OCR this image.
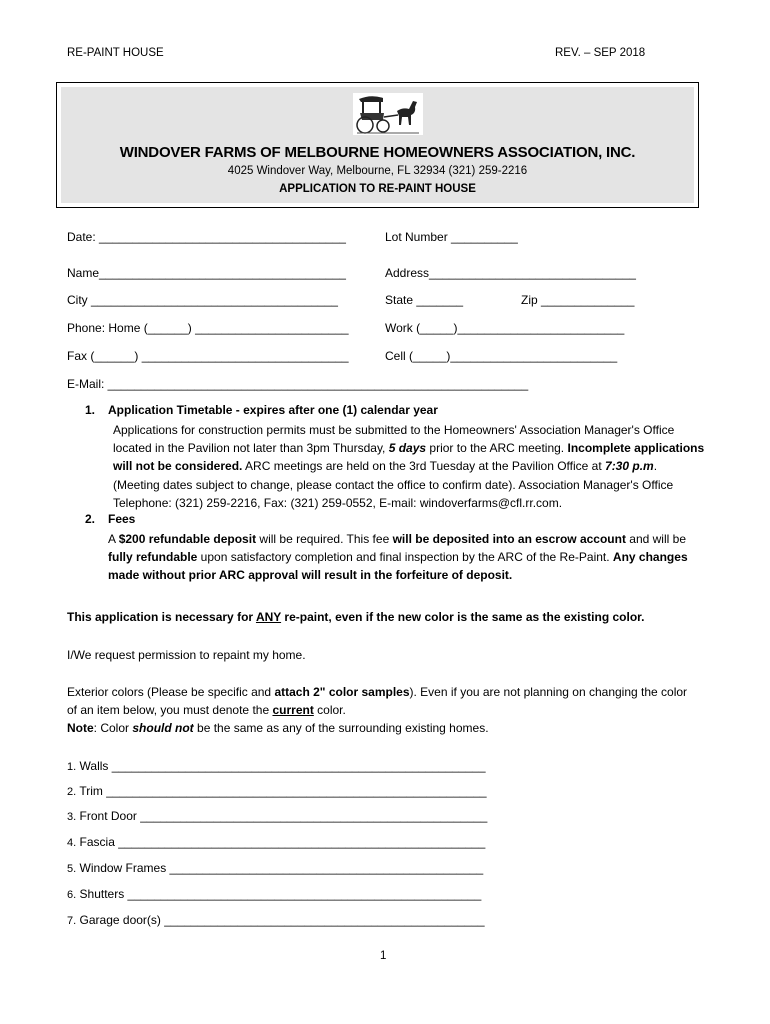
RE-PAINT HOUSE	REV. – SEP 2018
WINDOVER FARMS OF MELBOURNE HOMEOWNERS ASSOCIATION, INC.
4025 Windover Way, Melbourne, FL 32934 (321) 259-2216
APPLICATION TO RE-PAINT HOUSE
Date: _____________________________________	Lot Number __________
Name_____________________________________	Address_______________________________
City _____________________________________	State _______	Zip ______________
Phone: Home (______) _______________________	Work (_____)_________________________
Fax (______) _______________________________	Cell (_____)_________________________
E-Mail: _______________________________________________________________
1. Application Timetable - expires after one (1) calendar year
Applications for construction permits must be submitted to the Homeowners' Association Manager's Office located in the Pavilion not later than 3pm Thursday, 5 days prior to the ARC meeting. Incomplete applications will not be considered. ARC meetings are held on the 3rd Tuesday at the Pavilion Office at 7:30 p.m. (Meeting dates subject to change, please contact the office to confirm date). Association Manager's Office Telephone: (321) 259-2216, Fax: (321) 259-0552, E-mail: windoverfarms@cfl.rr.com.
2. Fees
A $200 refundable deposit will be required. This fee will be deposited into an escrow account and will be fully refundable upon satisfactory completion and final inspection by the ARC of the Re-Paint. Any changes made without prior ARC approval will result in the forfeiture of deposit.
This application is necessary for ANY re-paint, even if the new color is the same as the existing color.
I/We request permission to repaint my home.
Exterior colors (Please be specific and attach 2" color samples). Even if you are not planning on changing the color of an item below, you must denote the current color.
Note: Color should not be the same as any of the surrounding existing homes.
1. Walls ________________________________________________________
2. Trim _________________________________________________________
3. Front Door ____________________________________________________
4. Fascia _______________________________________________________
5. Window Frames _______________________________________________
6. Shutters _____________________________________________________
7. Garage door(s) ________________________________________________
1
